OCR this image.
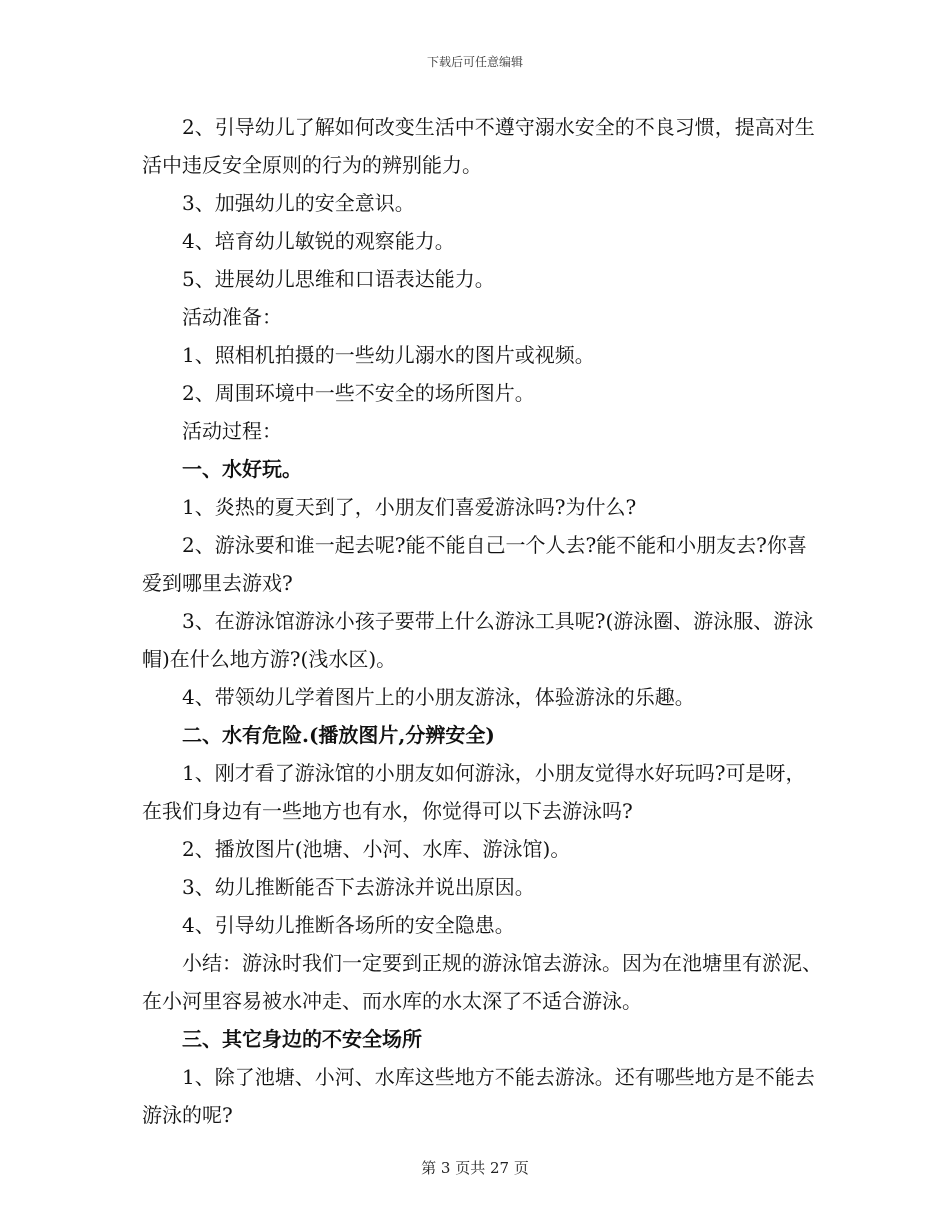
下载后可任意编辑

2、引导幼儿了解如何改变生活中不遵守溺水安全的不良习惯，提高对生活中违反安全原则的行为的辨别能力。

3、加强幼儿的安全意识。

4、培育幼儿敏锐的观察能力。

5、进展幼儿思维和口语表达能力。

活动准备：

1、照相机拍摄的一些幼儿溺水的图片或视频。

2、周围环境中一些不安全的场所图片。

活动过程：

一、水好玩。

1、炎热的夏天到了，小朋友们喜爱游泳吗?为什么?

2、游泳要和谁一起去呢?能不能自己一个人去?能不能和小朋友去?你喜爱到哪里去游戏?

3、在游泳馆游泳小孩子要带上什么游泳工具呢?(游泳圈、游泳服、游泳帽)在什么地方游?(浅水区)。

4、带领幼儿学着图片上的小朋友游泳，体验游泳的乐趣。

二、水有危险.(播放图片,分辨安全)

1、刚才看了游泳馆的小朋友如何游泳，小朋友觉得水好玩吗?可是呀，在我们身边有一些地方也有水，你觉得可以下去游泳吗?

2、播放图片(池塘、小河、水库、游泳馆)。

3、幼儿推断能否下去游泳并说出原因。

4、引导幼儿推断各场所的安全隐患。

小结：游泳时我们一定要到正规的游泳馆去游泳。因为在池塘里有淤泥、在小河里容易被水冲走、而水库的水太深了不适合游泳。

三、其它身边的不安全场所

1、除了池塘、小河、水库这些地方不能去游泳。还有哪些地方是不能去游泳的呢?

第 3 页共 27 页
